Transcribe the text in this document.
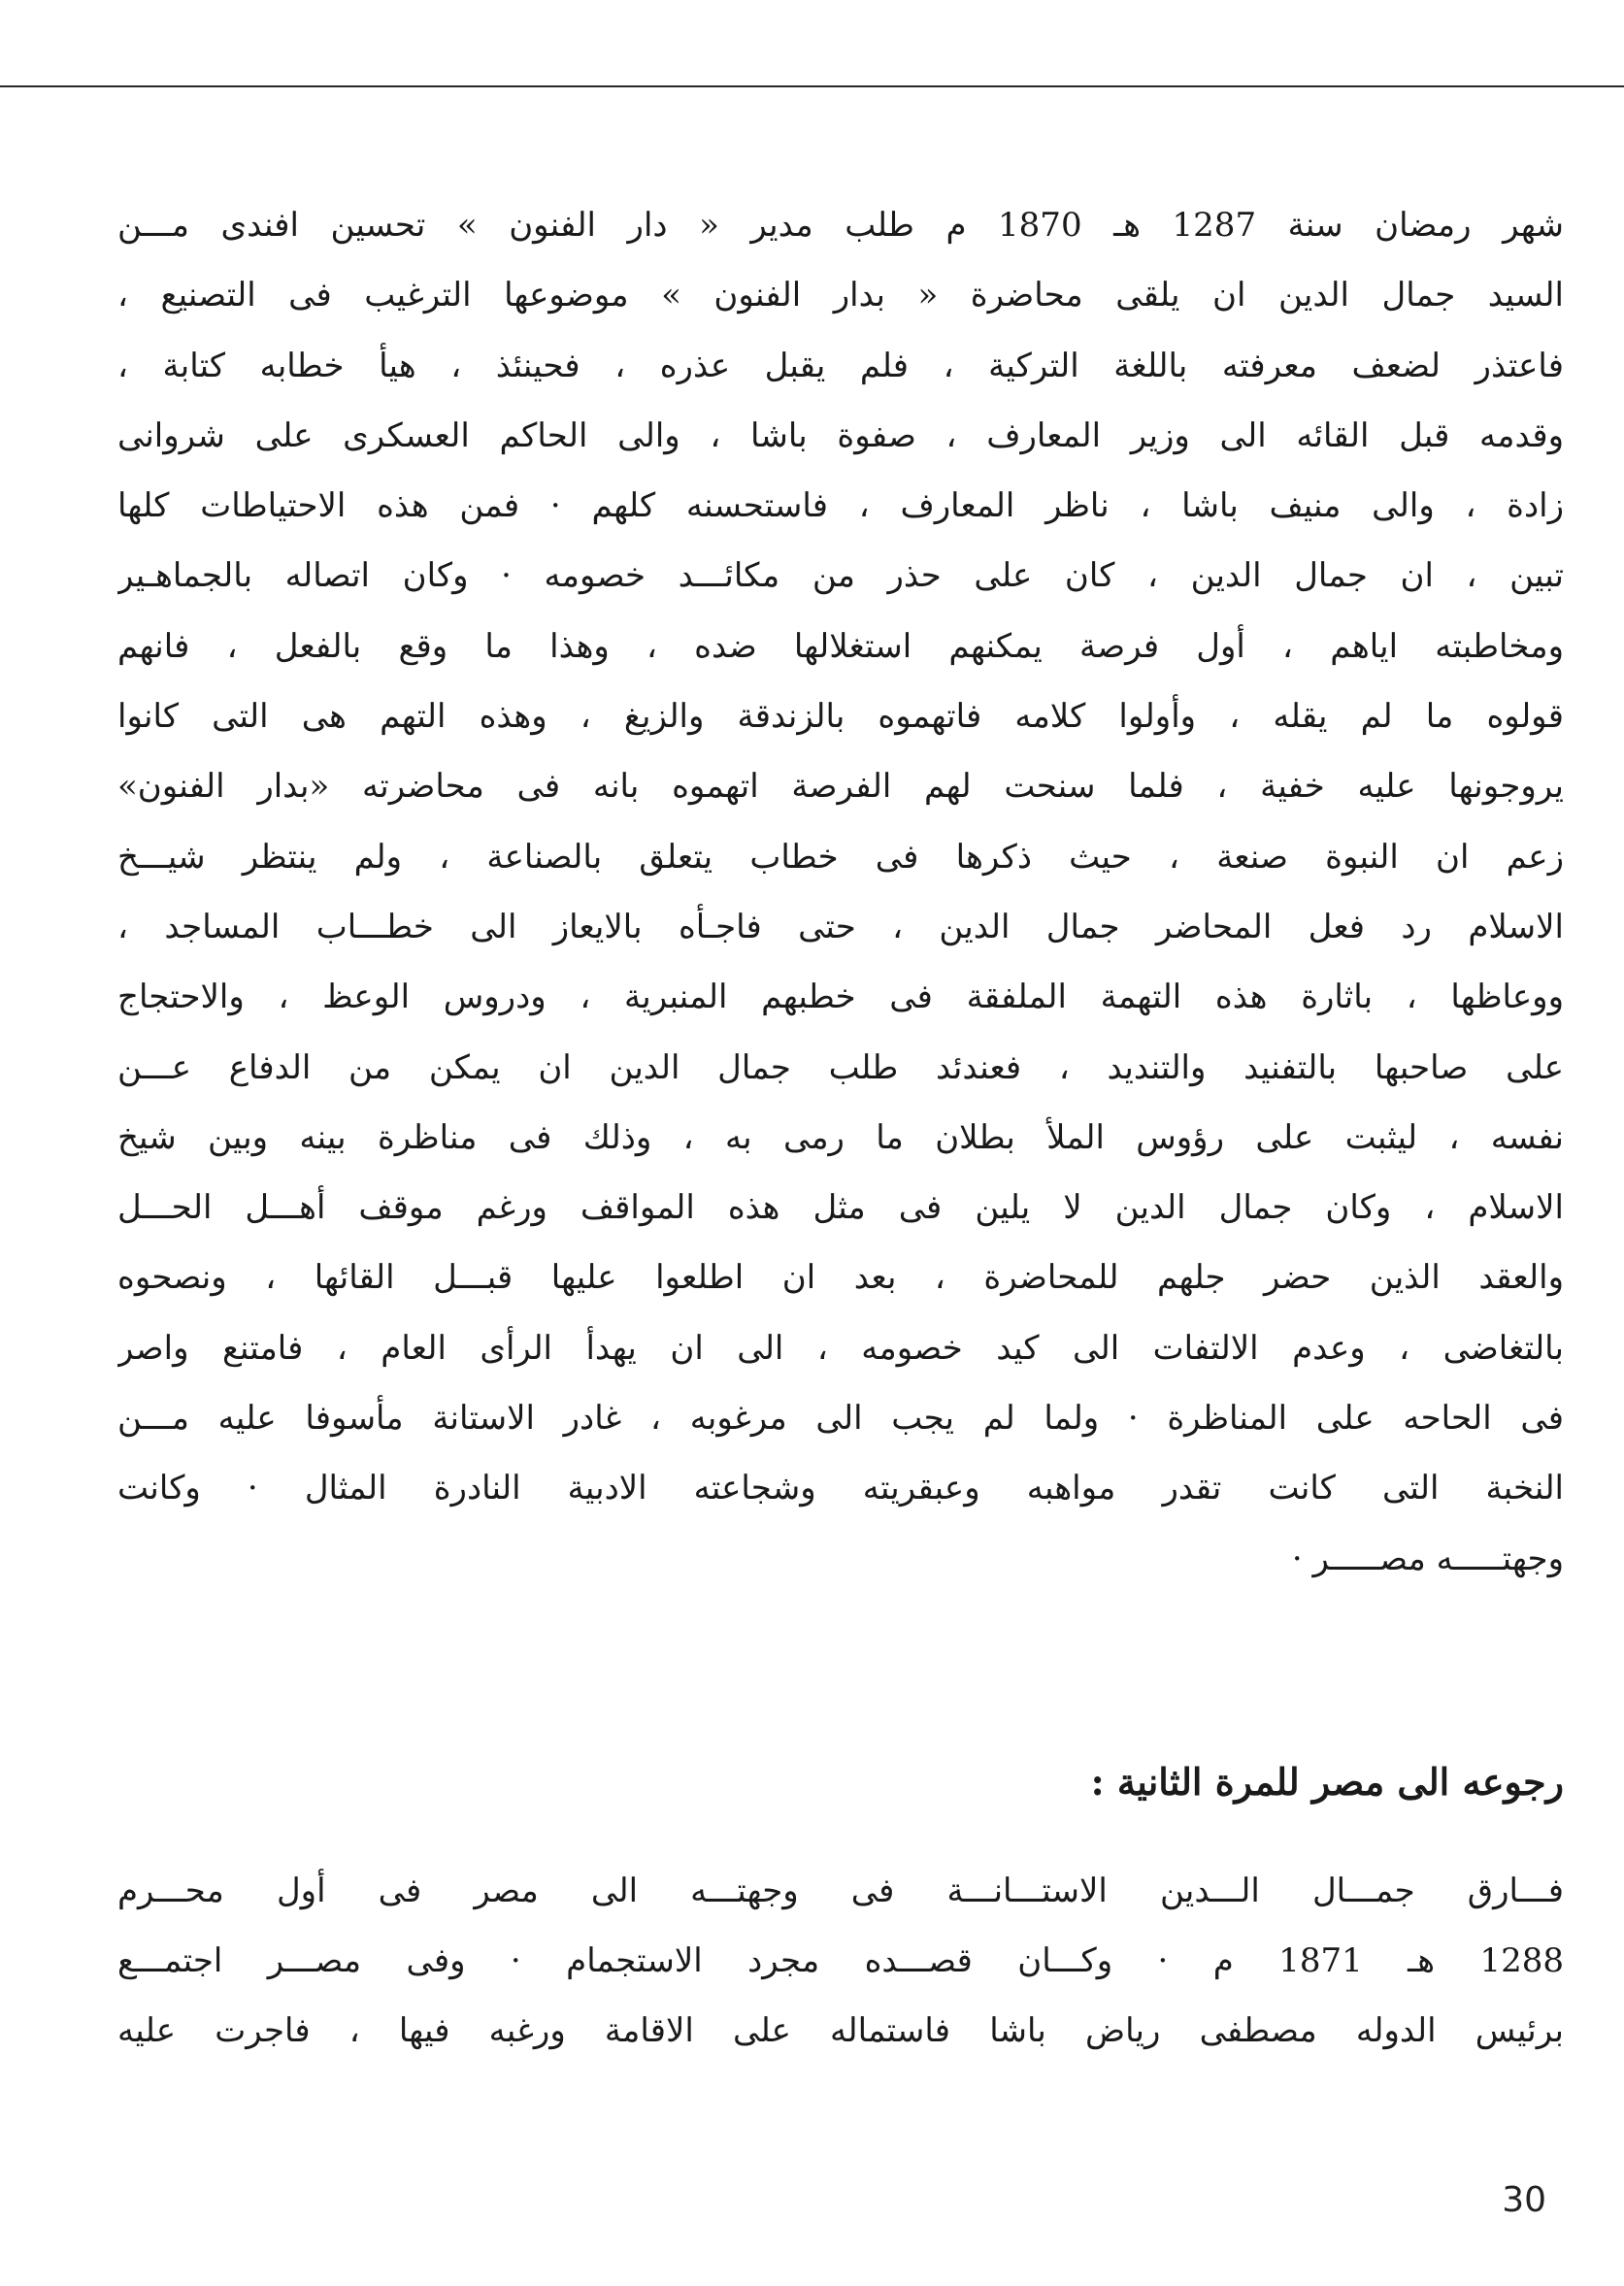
شهر رمضان سنة 1287 هـ 1870 م طلب مدير « دار الفنون » تحسين افندى مـــن
السيد جمال الدين ان يلقى محاضرة « بدار الفنون » موضوعها الترغيب فى التصنيع ،
فاعتذر لضعف معرفته باللغة التركية ، فلم يقبل عذره ، فحينئذ ، هيأ خطابه كتابة ،
وقدمه قبل القائه الى وزير المعارف ، صفوة باشا ، والى الحاكم العسكرى على شروانى
زادة ، والى منيف باشا ، ناظر المعارف ، فاستحسنه كلهم · فمن هذه الاحتياطات كلها
تبين ، ان جمال الدين ، كان على حذر من مكائـــد خصومه · وكان اتصاله بالجماهـير
ومخاطبته اياهم ، أول فرصة يمكنهم استغلالها ضده ، وهذا ما وقع بالفعل ، فانهم
قولوه ما لم يقله ، وأولوا كلامه فاتهموه بالزندقة والزيغ ، وهذه التهم هى التى كانوا
يروجونها عليه خفية ، فلما سنحت لهم الفرصة اتهموه بانه فى محاضرته «بدار الفنون»
زعم ان النبوة صنعة ، حيث ذكرها فى خطاب يتعلق بالصناعة ، ولم ينتظر شيـــخ
الاسلام رد فعل المحاضر جمال الدين ، حتى فاجـأه بالايعاز الى خطـــاب المساجد ،
ووعاظها ، باثارة هذه التهمة الملفقة فى خطبهم المنبرية ، ودروس الوعظ ، والاحتجاج
على صاحبها بالتفنيد والتنديد ، فعندئد طلب جمال الدين ان يمكن من الدفاع عـــن
نفسه ، ليثبت على رؤوس الملأ بطلان ما رمى به ، وذلك فى مناظرة بينه وبين شيخ
الاسلام ، وكان جمال الدين لا يلين فى مثل هذه المواقف ورغم موقف أهـــل الحـــل
والعقد الذين حضر جلهم للمحاضرة ، بعد ان اطلعوا عليها قبـــل القائها ، ونصحوه
بالتغاضى ، وعدم الالتفات الى كيد خصومه ، الى ان يهدأ الرأى العام ، فامتنع واصر
فى الحاحه على المناظرة · ولما لم يجب الى مرغوبه ، غادر الاستانة مأسوفا عليه مـــن
النخبة التى كانت تقدر مواهبه وعبقريته وشجاعته الادبية النادرة المثال · وكانت
وجهتـــــه مصـــــر ·
رجوعه الى مصر للمرة الثانية :
فـــارق جمـــال الـــدين الاستـــانـــة فى وجهتـــه الى مصر فى أول محـــرم
1288 هـ 1871 م · وكـــان قصـــده مجرد الاستجمام · وفى مصـــر اجتمـــع
برئيس الدوله مصطفى رياض باشا فاستماله على الاقامة ورغبه فيها ، فاجرت عليه
30
